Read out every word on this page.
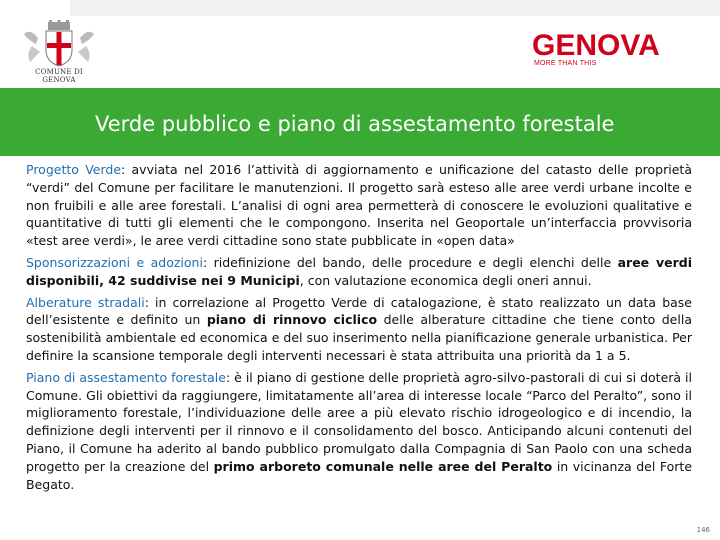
COMUNE DI GENOVA
GENOVA
MORE THAN THIS
Verde pubblico e piano di assestamento forestale

Progetto Verde: avviata nel 2016 l’attività di aggiornamento e unificazione del catasto delle proprietà “verdi” del Comune per facilitare le manutenzioni. Il progetto sarà esteso alle aree verdi urbane incolte e non fruibili e alle aree forestali. L’analisi di ogni area permetterà di conoscere le evoluzioni qualitative e quantitative di tutti gli elementi che le compongono. Inserita nel Geoportale un’interfaccia provvisoria «test aree verdi», le aree verdi cittadine sono state pubblicate in «open data»

Sponsorizzazioni e adozioni: ridefinizione del bando, delle procedure e degli elenchi delle aree verdi disponibili, 42 suddivise nei 9 Municipi, con valutazione economica degli oneri annui.

Alberature stradali: in correlazione al Progetto Verde di catalogazione, è stato realizzato un data base dell’esistente e definito un piano di rinnovo ciclico delle alberature cittadine che tiene conto della sostenibilità ambientale ed economica e del suo inserimento nella pianificazione generale urbanistica. Per definire la scansione temporale degli interventi necessari è stata attribuita una priorità da 1 a 5.

Piano di assestamento forestale: è il piano di gestione delle proprietà agro-silvo-pastorali di cui si doterà il Comune. Gli obiettivi da raggiungere, limitatamente all’area di interesse locale “Parco del Peralto”, sono il miglioramento forestale, l’individuazione delle aree a più elevato rischio idrogeologico e di incendio, la definizione degli interventi per il rinnovo e il consolidamento del bosco. Anticipando alcuni contenuti del Piano, il Comune ha aderito al bando pubblico promulgato dalla Compagnia di San Paolo con una scheda progetto per la creazione del primo arboreto comunale nelle aree del Peralto in vicinanza del Forte Begato.

146
